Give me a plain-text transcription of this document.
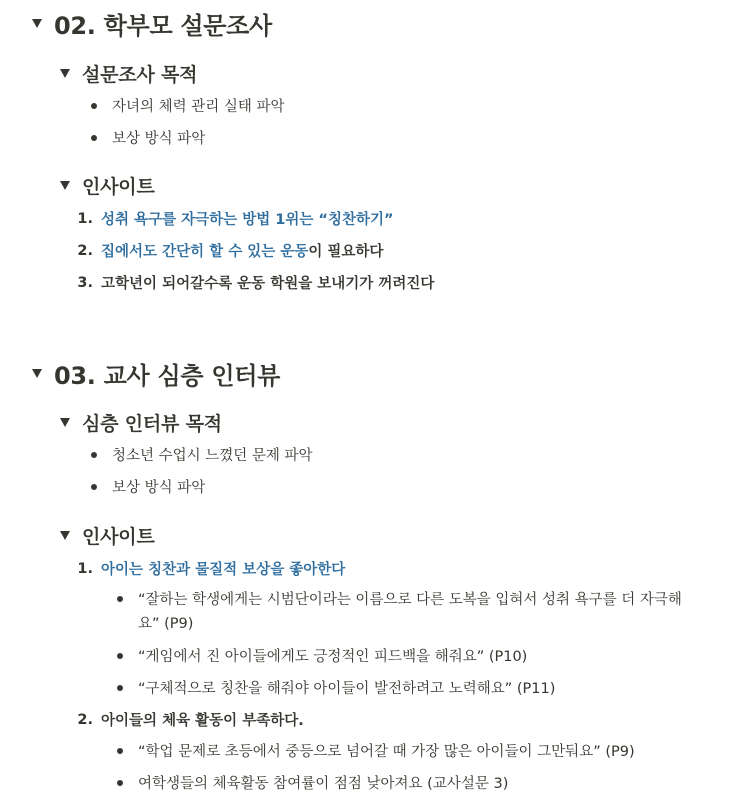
02. 학부모 설문조사
설문조사 목적
자녀의 체력 관리 실태 파악
보상 방식 파악
인사이트
1. 성취 욕구를 자극하는 방법 1위는 “칭찬하기”
2. 집에서도 간단히 할 수 있는 운동 이 필요하다
3. 고학년이 되어갈수록 운동 학원을 보내기가 꺼려진다
03. 교사 심층 인터뷰
심층 인터뷰 목적
청소년 수업시 느꼈던 문제 파악
보상 방식 파악
인사이트
1. 아이는 칭찬과 물질적 보상을 좋아한다
“잘하는 학생에게는 시범단이라는 이름으로 다른 도복을 입혀서 성취 욕구를 더 자극해요” (P9)
“게임에서 진 아이들에게도 긍정적인 피드백을 해줘요” (P10)
“구체적으로 칭찬을 해줘야 아이들이 발전하려고 노력해요” (P11)
2. 아이들의 체육 활동이 부족하다.
“학업 문제로 초등에서 중등으로 넘어갈 때 가장 많은 아이들이 그만둬요” (P9)
여학생들의 체육활동 참여률이 점점 낮아져요 (교사설문 3)
